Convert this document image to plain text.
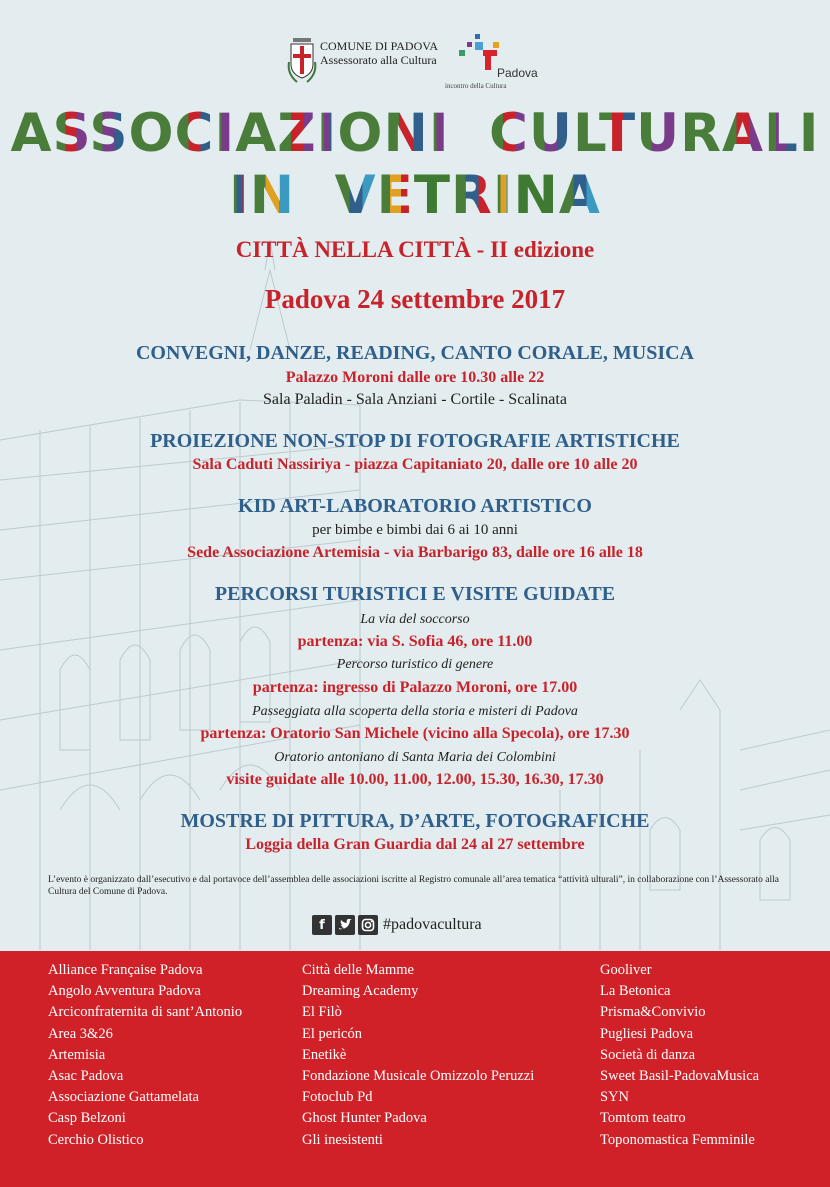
COMUNE DI PADOVA
Assessorato alla Cultura
Padova
incontro della Cultura
ASSOCIAZIONI CULTURALI
IN VETRINA
CITTÀ NELLA CITTÀ - II edizione
Padova 24 settembre 2017
CONVEGNI, DANZE, READING, CANTO CORALE, MUSICA
Palazzo Moroni dalle ore 10.30 alle 22
Sala Paladin - Sala Anziani - Cortile - Scalinata
PROIEZIONE NON-STOP DI FOTOGRAFIE ARTISTICHE
Sala Caduti Nassiriya - piazza Capitaniato 20, dalle ore 10 alle 20
KID ART-LABORATORIO ARTISTICO
per bimbe e bimbi dai 6 ai 10 anni
Sede Associazione Artemisia - via Barbarigo 83, dalle ore 16 alle 18
PERCORSI TURISTICI E VISITE GUIDATE
La via del soccorso
partenza: via S. Sofia 46, ore 11.00
Percorso turistico di genere
partenza: ingresso di Palazzo Moroni, ore 17.00
Passeggiata alla scoperta della storia e misteri di Padova
partenza: Oratorio San Michele (vicino alla Specola), ore 17.30
Oratorio antoniano di Santa Maria dei Colombini
visite guidate alle 10.00, 11.00, 12.00, 15.30, 16.30, 17.30
MOSTRE DI PITTURA, D’ARTE, FOTOGRAFICHE
Loggia della Gran Guardia dal 24 al 27 settembre
L’evento è organizzato dall’esecutivo e dal portavoce dell’assemblea delle associazioni iscritte al Registro comunale all’area tematica “attività ulturali”, in collaborazione con l’Assessorato alla Cultura del Comune di Padova.
f	#padovacultura
Alliance Française Padova
Angolo Avventura Padova
Arciconfraternita di sant’Antonio
Area 3&26
Artemisia
Asac Padova
Associazione Gattamelata
Casp Belzoni
Cerchio Olistico
Città delle Mamme
Dreaming Academy
El Filò
El pericón
Enetikè
Fondazione Musicale Omizzolo Peruzzi
Fotoclub Pd
Ghost Hunter Padova
Gli inesistenti
Gooliver
La Betonica
Prisma&Convivio
Pugliesi Padova
Società di danza
Sweet Basil-PadovaMusica
SYN
Tomtom teatro
Toponomastica Femminile
